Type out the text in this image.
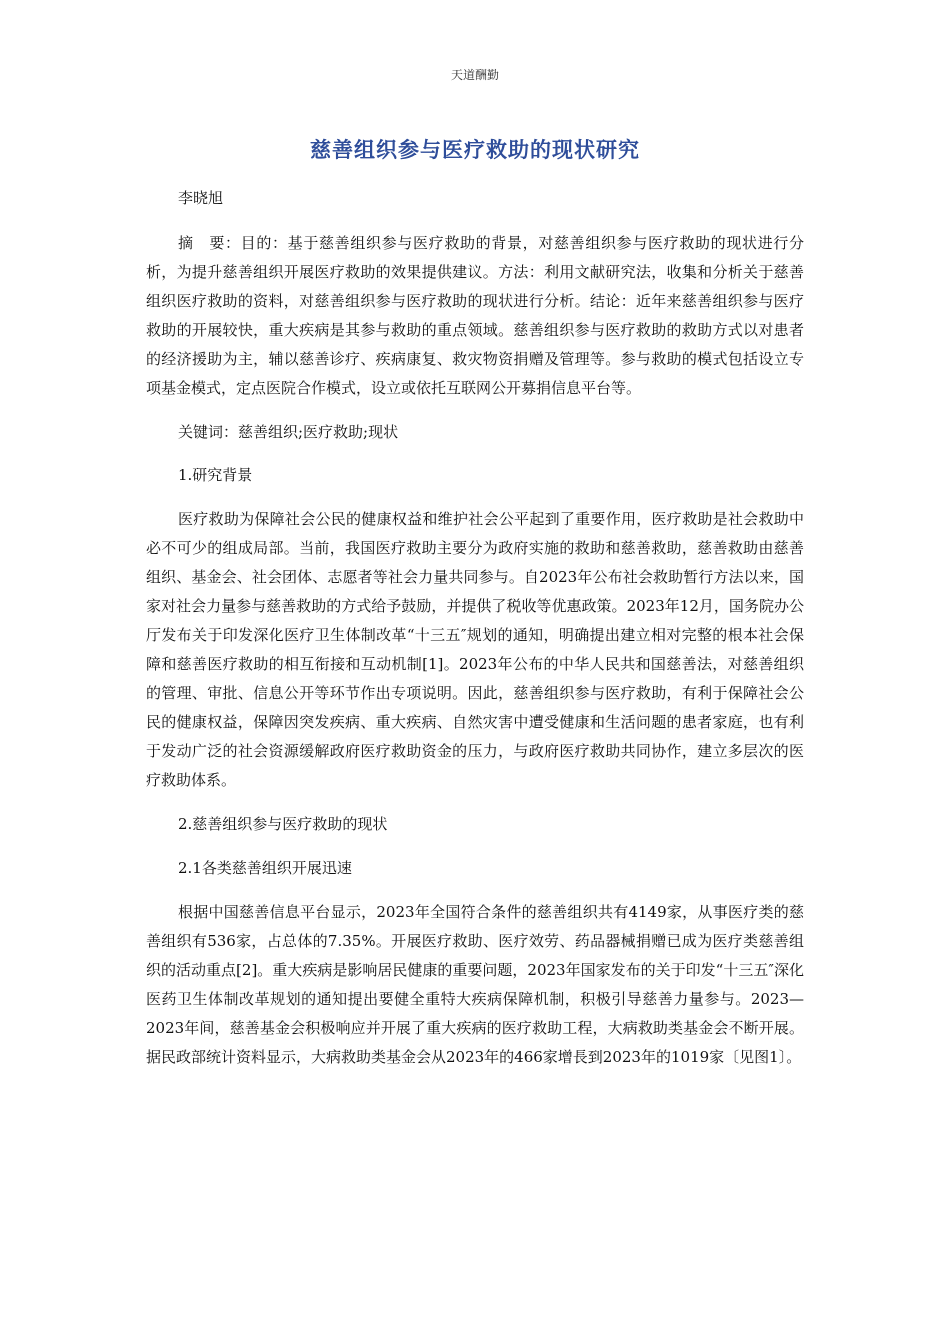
天道酬勤
慈善组织参与医疗救助的现状研究

李晓旭

摘　要：目的：基于慈善组织参与医疗救助的背景，对慈善组织参与医疗救助的现状进行分析，为提升慈善组织开展医疗救助的效果提供建议。方法：利用文献研究法，收集和分析关于慈善组织医疗救助的资料，对慈善组织参与医疗救助的现状进行分析。结论：近年来慈善组织参与医疗救助的开展较快，重大疾病是其参与救助的重点领域。慈善组织参与医疗救助的救助方式以对患者的经济援助为主，辅以慈善诊疗、疾病康复、救灾物资捐赠及管理等。参与救助的模式包括设立专项基金模式，定点医院合作模式，设立或依托互联网公开募捐信息平台等。

关键词：慈善组织;医疗救助;现状

1.研究背景

医疗救助为保障社会公民的健康权益和维护社会公平起到了重要作用，医疗救助是社会救助中必不可少的组成局部。当前，我国医疗救助主要分为政府实施的救助和慈善救助，慈善救助由慈善组织、基金会、社会团体、志愿者等社会力量共同参与。自2023年公布社会救助暂行方法以来，国家对社会力量参与慈善救助的方式给予鼓励，并提供了税收等优惠政策。2023年12月，国务院办公厅发布关于印发深化医疗卫生体制改革“十三五″规划的通知，明确提出建立相对完整的根本社会保障和慈善医疗救助的相互衔接和互动机制[1]。2023年公布的中华人民共和国慈善法，对慈善组织的管理、审批、信息公开等环节作出专项说明。因此，慈善组织参与医疗救助，有利于保障社会公民的健康权益，保障因突发疾病、重大疾病、自然灾害中遭受健康和生活问题的患者家庭，也有利于发动广泛的社会资源缓解政府医疗救助资金的压力，与政府医疗救助共同协作，建立多层次的医疗救助体系。

2.慈善组织参与医疗救助的现状

2.1各类慈善组织开展迅速

根据中国慈善信息平台显示，2023年全国符合条件的慈善组织共有4149家，从事医疗类的慈善组织有536家，占总体的7.35%。开展医疗救助、医疗效劳、药品器械捐赠已成为医疗类慈善组织的活动重点[2]。重大疾病是影响居民健康的重要问题，2023年国家发布的关于印发“十三五″深化医药卫生体制改革规划的通知提出要健全重特大疾病保障机制，积极引导慈善力量参与。2023—2023年间，慈善基金会积极响应并开展了重大疾病的医疗救助工程，大病救助类基金会不断开展。据民政部统计资料显示，大病救助类基金会从2023年的466家增長到2023年的1019家〔见图1〕。
